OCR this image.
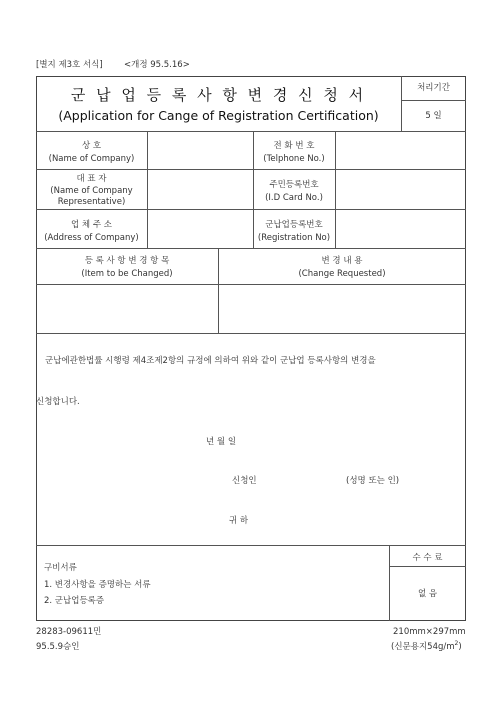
[별지 제3호 서식]	<개정 95.5.16>
군 납 업 등 록 사 항 변 경 신 청 서
(Application for Cange of Registration Certification)
처리기간
5 일
상 호
(Name of Company)
전 화 번 호
(Telphone No.)
대 표 자
(Name of Company
Representative)
주민등록번호
(I.D Card No.)
업 체 주 소
(Address of Company)
군납업등록번호
(Registration No)
등 록 사 항 변 경 항 목
(Item to be Changed)
변 경 내 용
(Change Requested)
군납에관한법률 시행령 제4조제2항의 규정에 의하여 위와 같이 군납업 등록사항의 변경을
신청합니다.
년 월 일
신청인	(성명 또는 인)
귀 하
구비서류
1. 변경사항을 증명하는 서류
2. 군납업등록증
수 수 료
없 음
28283-09611민
95.5.9승인
210mm×297mm
(신문용지$54g/m^2$)
